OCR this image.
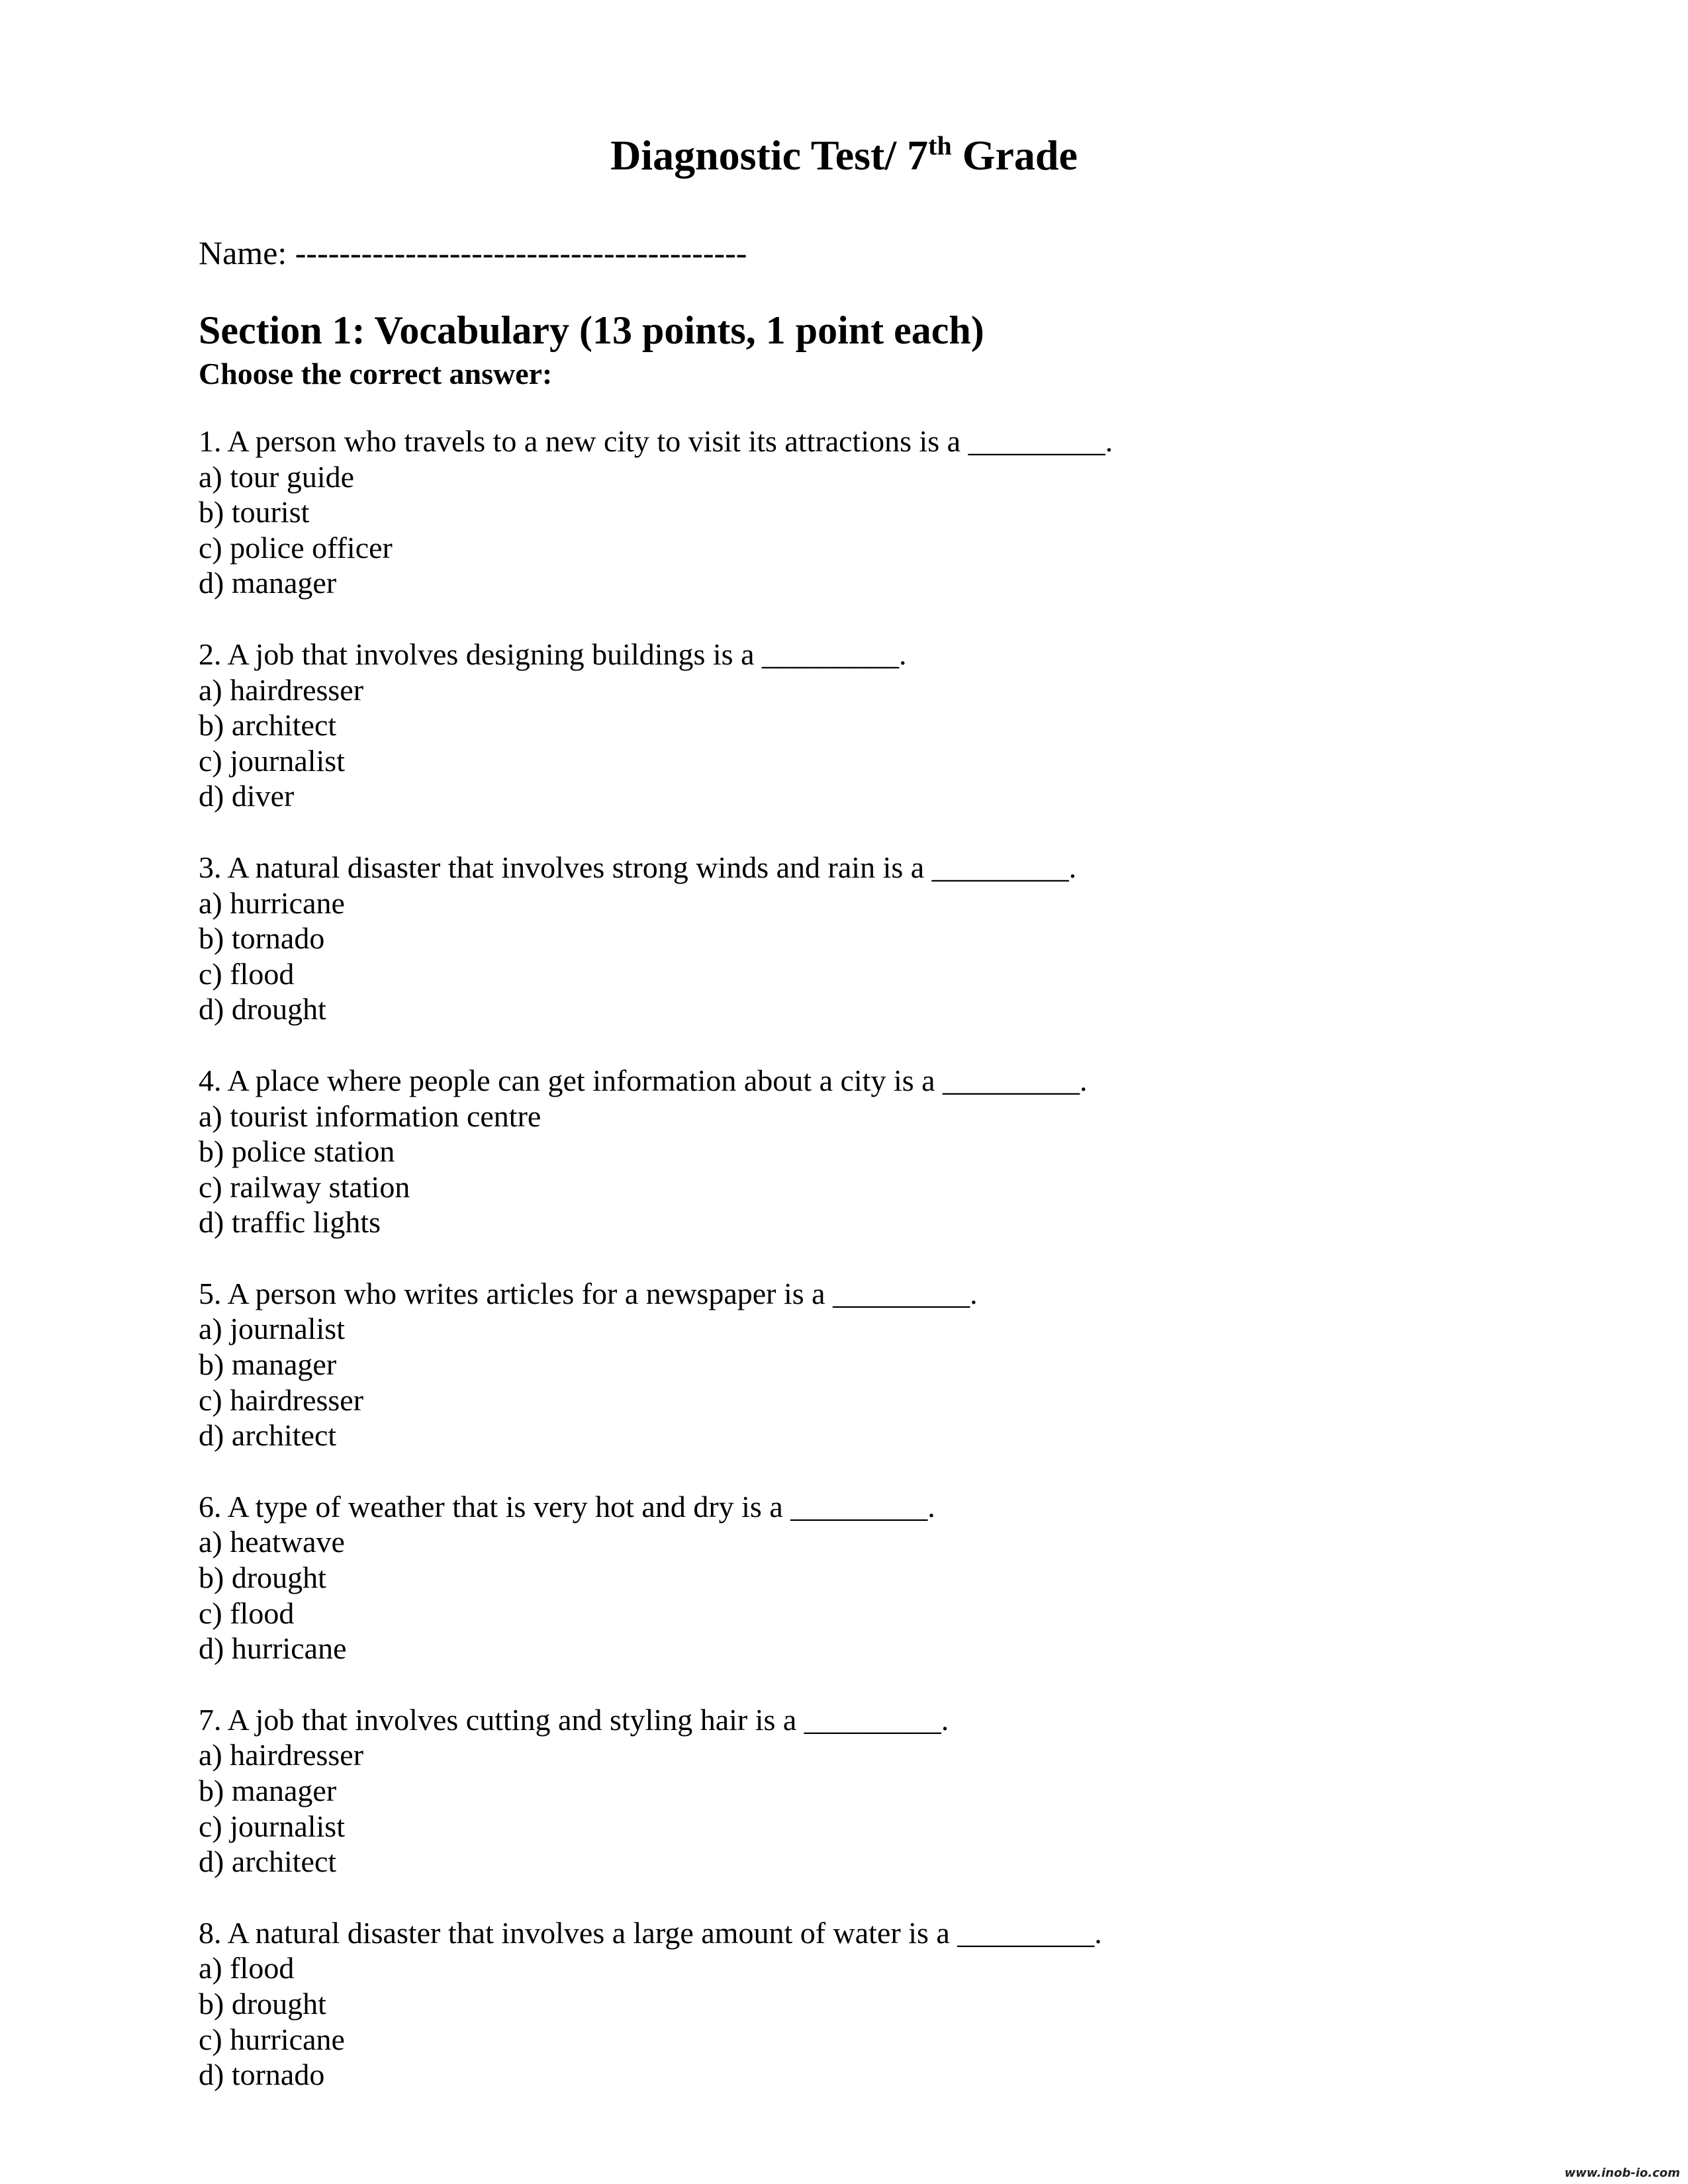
Diagnostic Test/ 7th Grade
Name: -----------------------------------------
Section 1: Vocabulary (13 points, 1 point each)
Choose the correct answer:
1. A person who travels to a new city to visit its attractions is a _________.
a) tour guide
b) tourist
c) police officer
d) manager
2. A job that involves designing buildings is a _________.
a) hairdresser
b) architect
c) journalist
d) diver
3. A natural disaster that involves strong winds and rain is a _________.
a) hurricane
b) tornado
c) flood
d) drought
4. A place where people can get information about a city is a _________.
a) tourist information centre
b) police station
c) railway station
d) traffic lights
5. A person who writes articles for a newspaper is a _________.
a) journalist
b) manager
c) hairdresser
d) architect
6. A type of weather that is very hot and dry is a _________.
a) heatwave
b) drought
c) flood
d) hurricane
7. A job that involves cutting and styling hair is a _________.
a) hairdresser
b) manager
c) journalist
d) architect
8. A natural disaster that involves a large amount of water is a _________.
a) flood
b) drought
c) hurricane
d) tornado
www.inob-io.com
